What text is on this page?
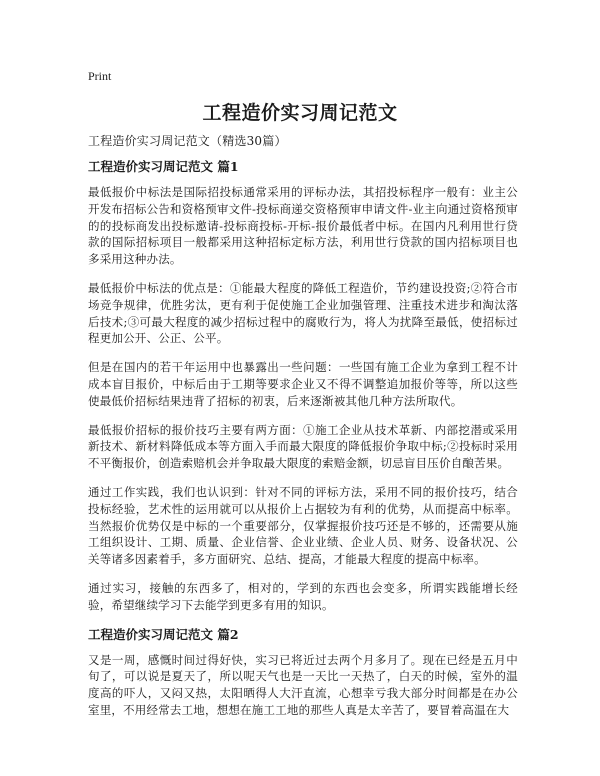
Print
工程造价实习周记范文

工程造价实习周记范文（精选30篇）

工程造价实习周记范文 篇1

最低报价中标法是国际招投标通常采用的评标办法，其招投标程序一般有：业主公开发布招标公告和资格预审文件-投标商递交资格预审申请文件-业主向通过资格预审的的投标商发出投标邀请-投标商投标-开标-报价最低者中标。在国内凡利用世行贷款的国际招标项目一般都采用这种招标定标方法，利用世行贷款的国内招标项目也多采用这种办法。

最低报价中标法的优点是：①能最大程度的降低工程造价，节约建设投资;②符合市场竞争规律，优胜劣汰，更有利于促使施工企业加强管理、注重技术进步和淘汰落后技术;③可最大程度的减少招标过程中的腐败行为，将人为扰降至最低，使招标过程更加公开、公正、公平。

但是在国内的若干年运用中也暴露出一些问题：一些国有施工企业为拿到工程不计成本盲目报价，中标后由于工期等要求企业又不得不调整追加报价等等，所以这些使最低价招标结果违背了招标的初衷，后来逐渐被其他几种方法所取代。

最低报价招标的报价技巧主要有两方面：①施工企业从技术革新、内部挖潜或采用新技术、新材料降低成本等方面入手而最大限度的降低报价争取中标;②投标时采用不平衡报价，创造索赔机会并争取最大限度的索赔金额，切忌盲目压价自酿苦果。

通过工作实践，我们也认识到：针对不同的评标方法，采用不同的报价技巧，结合投标经验，艺术性的运用就可以从报价上占据较为有利的优势，从而提高中标率。当然报价优势仅是中标的一个重要部分，仅掌握报价技巧还是不够的，还需要从施工组织设计、工期、质量、企业信誉、企业业绩、企业人员、财务、设备状况、公关等诸多因素着手，多方面研究、总结、提高，才能最大程度的提高中标率。

通过实习，接触的东西多了，相对的，学到的东西也会变多，所谓实践能增长经验，希望继续学习下去能学到更多有用的知识。

工程造价实习周记范文 篇2

又是一周，感慨时间过得好快，实习已将近过去两个月多月了。现在已经是五月中旬了，可以说是夏天了，所以呢天气也是一天比一天热了，白天的时候，室外的温度高的吓人，又闷又热，太阳晒得人大汗直流，心想幸亏我大部分时间都是在办公室里，不用经常去工地，想想在施工工地的那些人真是太辛苦了，要冒着高温在大
